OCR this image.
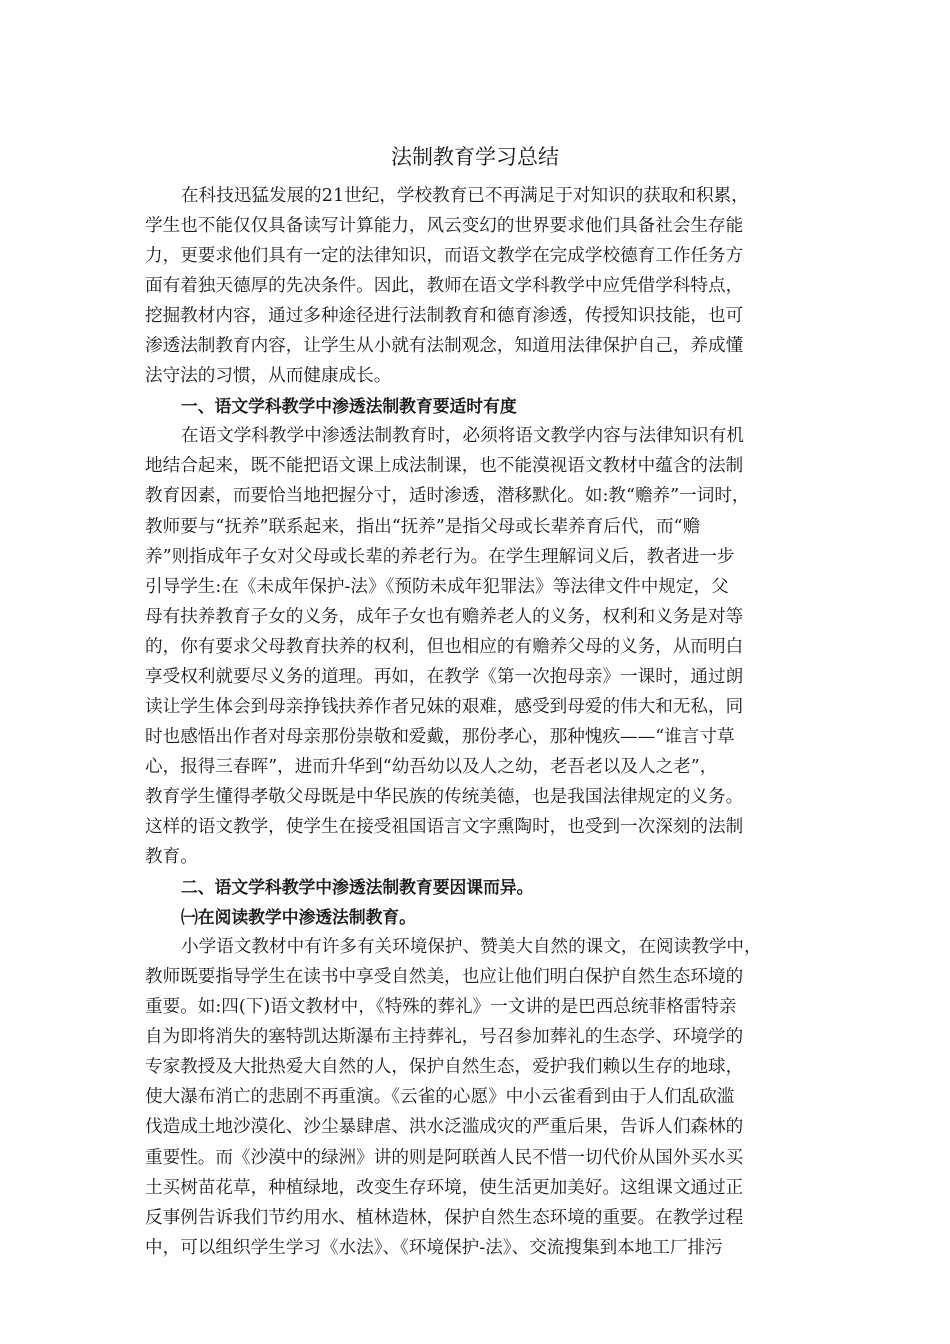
法制教育学习总结
在科技迅猛发展的21世纪，学校教育已不再满足于对知识的获取和积累，
学生也不能仅仅具备读写计算能力，风云变幻的世界要求他们具备社会生存能
力，更要求他们具有一定的法律知识，而语文教学在完成学校德育工作任务方
面有着独天德厚的先决条件。因此，教师在语文学科教学中应凭借学科特点，
挖掘教材内容，通过多种途径进行法制教育和德育渗透，传授知识技能，也可
渗透法制教育内容，让学生从小就有法制观念，知道用法律保护自己，养成懂
法守法的习惯，从而健康成长。
一、语文学科教学中渗透法制教育要适时有度
在语文学科教学中渗透法制教育时，必须将语文教学内容与法律知识有机
地结合起来，既不能把语文课上成法制课，也不能漠视语文教材中蕴含的法制
教育因素，而要恰当地把握分寸，适时渗透，潜移默化。如:教“赡养”一词时，
教师要与“抚养”联系起来，指出“抚养”是指父母或长辈养育后代，而“赡
养”则指成年子女对父母或长辈的养老行为。在学生理解词义后，教者进一步
引导学生:在《未成年保护-法》《预防未成年犯罪法》等法律文件中规定，父
母有扶养教育子女的义务，成年子女也有赡养老人的义务，权利和义务是对等
的，你有要求父母教育扶养的权利，但也相应的有赡养父母的义务，从而明白
享受权利就要尽义务的道理。再如，在教学《第一次抱母亲》一课时，通过朗
读让学生体会到母亲挣钱扶养作者兄妹的艰难，感受到母爱的伟大和无私，同
时也感悟出作者对母亲那份崇敬和爱戴，那份孝心，那种愧疚——“谁言寸草
心，报得三春晖”，进而升华到“幼吾幼以及人之幼，老吾老以及人之老”，
教育学生懂得孝敬父母既是中华民族的传统美德，也是我国法律规定的义务。
这样的语文教学，使学生在接受祖国语言文字熏陶时，也受到一次深刻的法制
教育。
二、语文学科教学中渗透法制教育要因课而异。
㈠在阅读教学中渗透法制教育。
小学语文教材中有许多有关环境保护、赞美大自然的课文，在阅读教学中，
教师既要指导学生在读书中享受自然美，也应让他们明白保护自然生态环境的
重要。如:四(下)语文教材中，《特殊的葬礼》一文讲的是巴西总统菲格雷特亲
自为即将消失的塞特凯达斯瀑布主持葬礼，号召参加葬礼的生态学、环境学的
专家教授及大批热爱大自然的人，保护自然生态，爱护我们赖以生存的地球，
使大瀑布消亡的悲剧不再重演。《云雀的心愿》中小云雀看到由于人们乱砍滥
伐造成土地沙漠化、沙尘暴肆虐、洪水泛滥成灾的严重后果，告诉人们森林的
重要性。而《沙漠中的绿洲》讲的则是阿联酋人民不惜一切代价从国外买水买
土买树苗花草，种植绿地，改变生存环境，使生活更加美好。这组课文通过正
反事例告诉我们节约用水、植林造林，保护自然生态环境的重要。在教学过程
中，可以组织学生学习《水法》、《环境保护-法》、交流搜集到本地工厂排污
